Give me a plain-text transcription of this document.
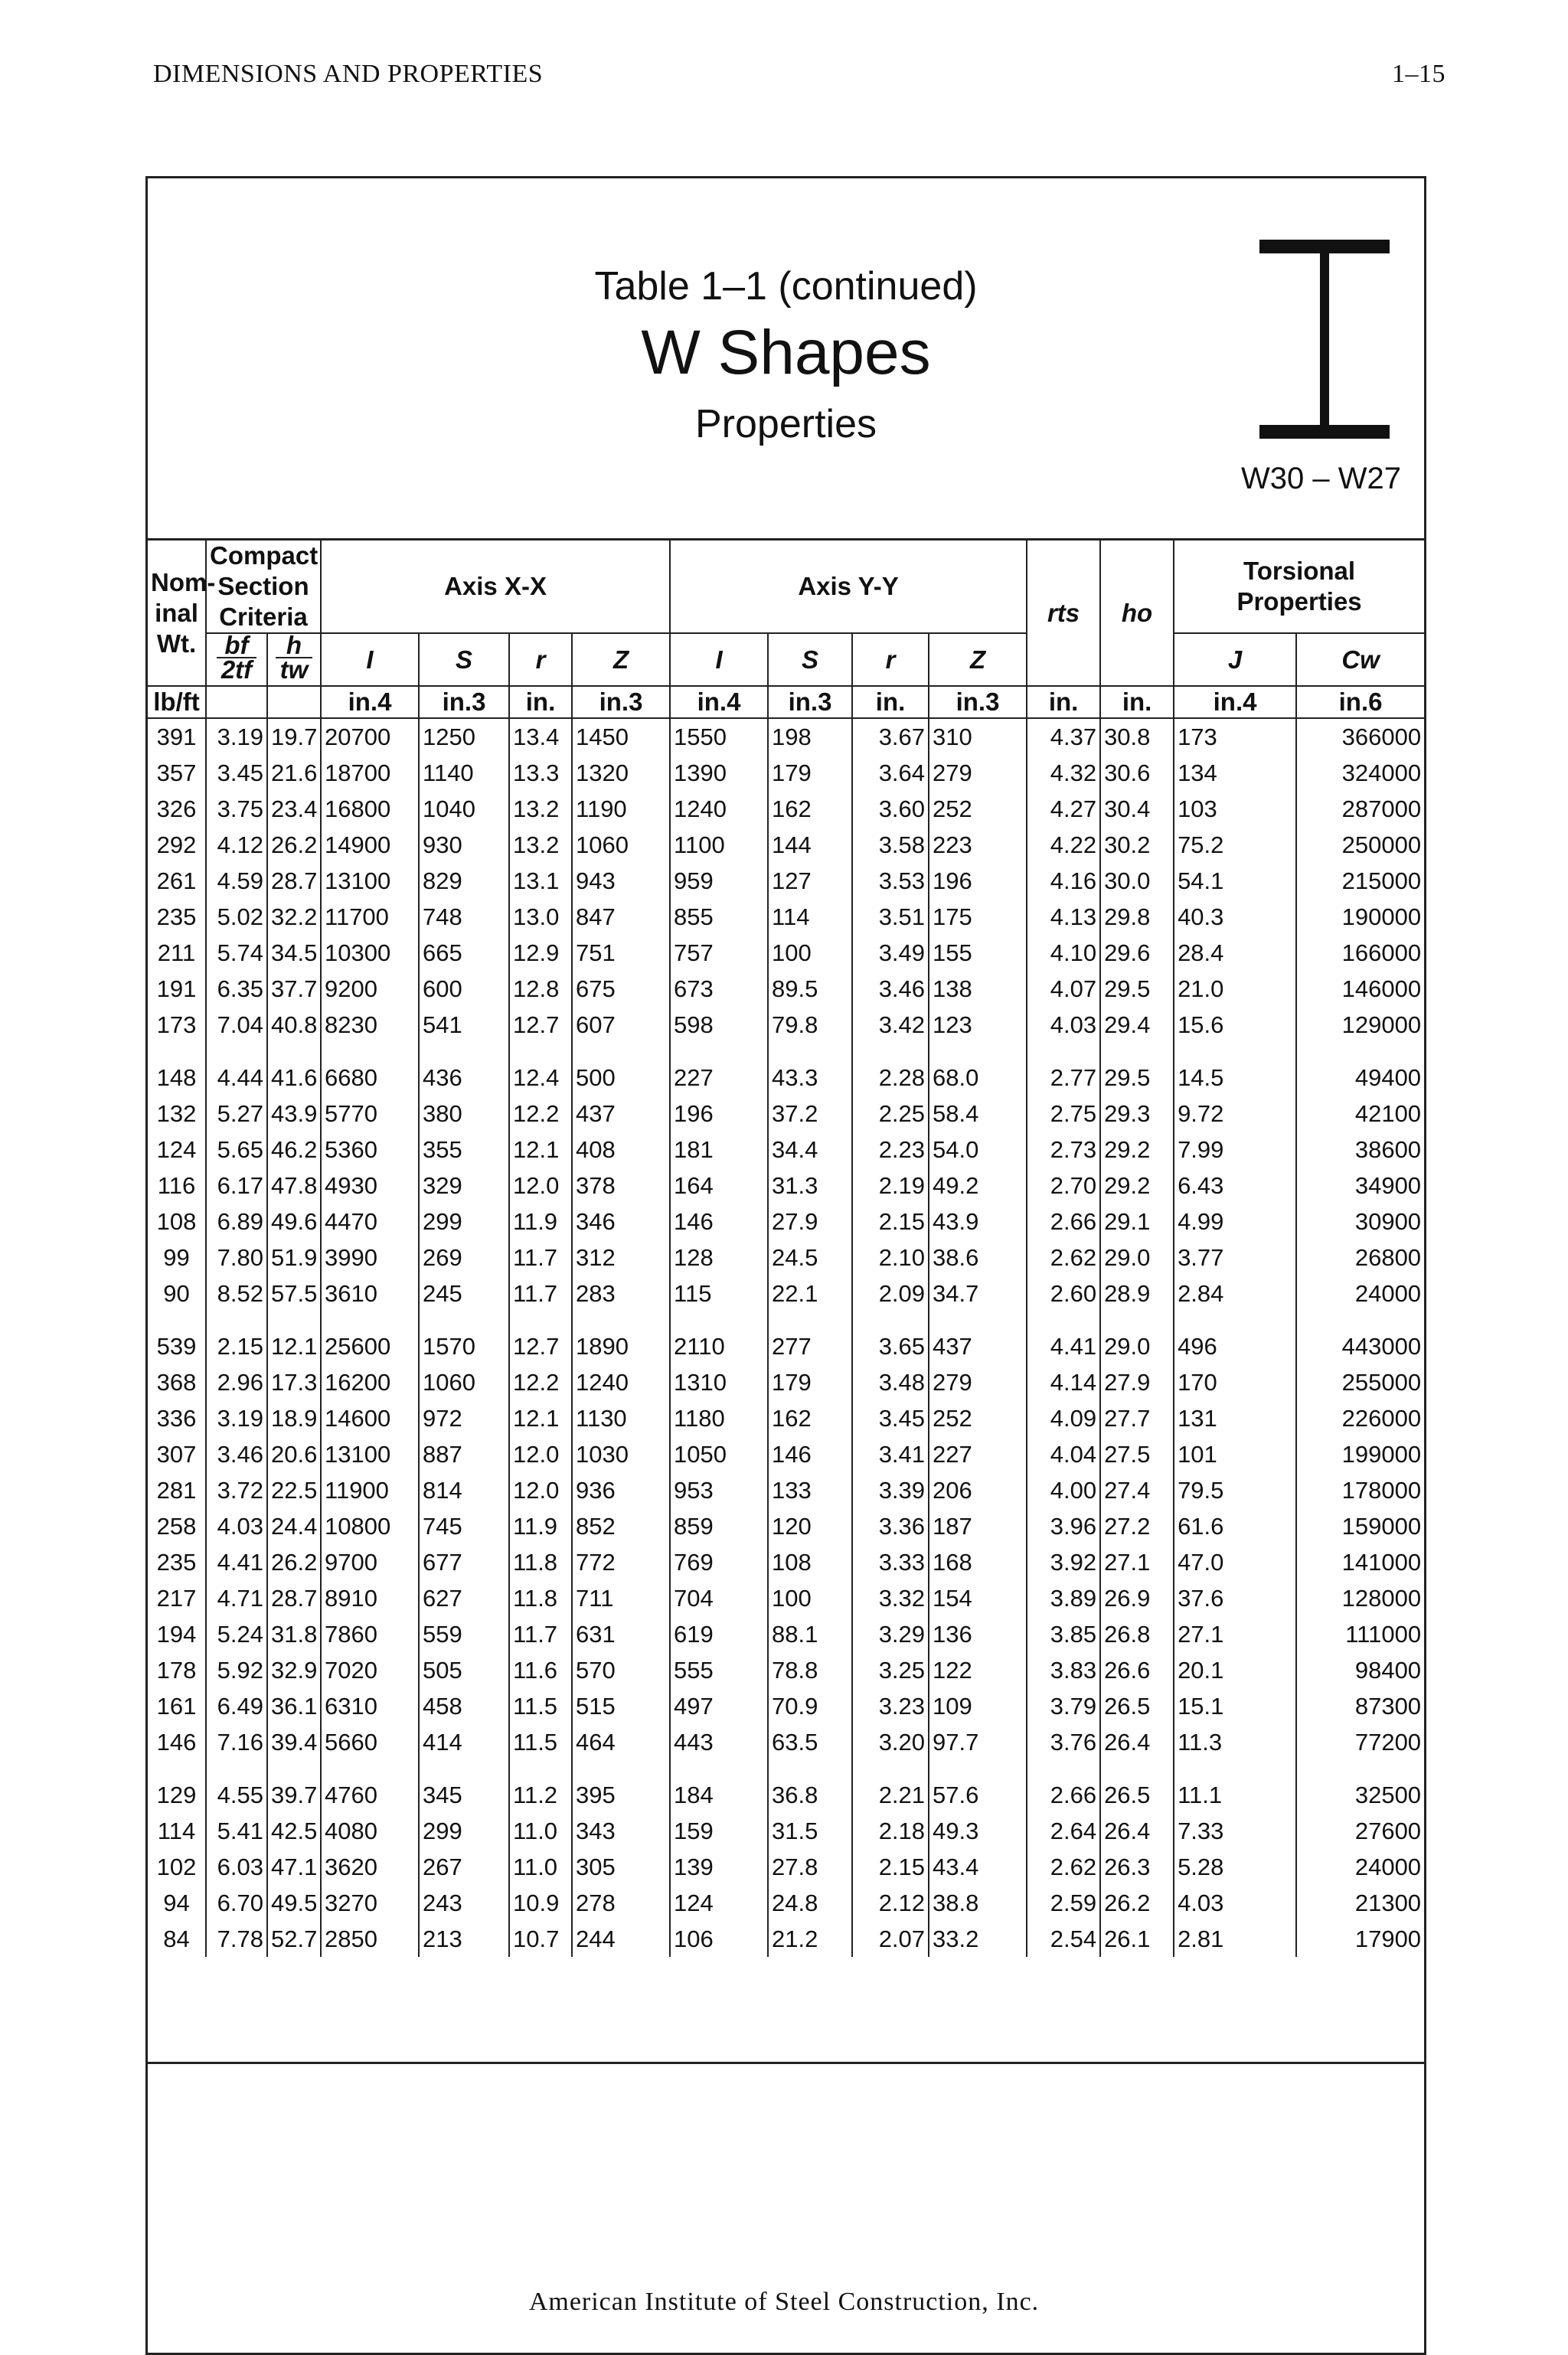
DIMENSIONS AND PROPERTIES	1–15
Table 1–1 (continued)
W Shapes
Properties
W30 – W27
Nom-inal Wt.	Compact Section Criteria		Axis X-X				Axis Y-Y				rts	ho	Torsional Properties	

	$\frac{bf}{2tf}$	$\frac{h}{tw}$	I	S	r	Z	I	S	r	Z			J	Cw
lb/ft			in.4	in.3	in.	in.3	in.4	in.3	in.	in.3	in.	in.	in.4	in.6
391	3.19	19.7	20700	1250	13.4	1450	1550	198	3.67	310	4.37	30.8	173	366000
357	3.45	21.6	18700	1140	13.3	1320	1390	179	3.64	279	4.32	30.6	134	324000
326	3.75	23.4	16800	1040	13.2	1190	1240	162	3.60	252	4.27	30.4	103	287000
292	4.12	26.2	14900	930	13.2	1060	1100	144	3.58	223	4.22	30.2	75.2	250000
261	4.59	28.7	13100	829	13.1	943	959	127	3.53	196	4.16	30.0	54.1	215000
235	5.02	32.2	11700	748	13.0	847	855	114	3.51	175	4.13	29.8	40.3	190000
211	5.74	34.5	10300	665	12.9	751	757	100	3.49	155	4.10	29.6	28.4	166000
191	6.35	37.7	9200	600	12.8	675	673	89.5	3.46	138	4.07	29.5	21.0	146000
173	7.04	40.8	8230	541	12.7	607	598	79.8	3.42	123	4.03	29.4	15.6	129000

148	4.44	41.6	6680	436	12.4	500	227	43.3	2.28	68.0	2.77	29.5	14.5	49400
132	5.27	43.9	5770	380	12.2	437	196	37.2	2.25	58.4	2.75	29.3	9.72	42100
124	5.65	46.2	5360	355	12.1	408	181	34.4	2.23	54.0	2.73	29.2	7.99	38600
116	6.17	47.8	4930	329	12.0	378	164	31.3	2.19	49.2	2.70	29.2	6.43	34900
108	6.89	49.6	4470	299	11.9	346	146	27.9	2.15	43.9	2.66	29.1	4.99	30900
99	7.80	51.9	3990	269	11.7	312	128	24.5	2.10	38.6	2.62	29.0	3.77	26800
90	8.52	57.5	3610	245	11.7	283	115	22.1	2.09	34.7	2.60	28.9	2.84	24000

539	2.15	12.1	25600	1570	12.7	1890	2110	277	3.65	437	4.41	29.0	496	443000
368	2.96	17.3	16200	1060	12.2	1240	1310	179	3.48	279	4.14	27.9	170	255000
336	3.19	18.9	14600	972	12.1	1130	1180	162	3.45	252	4.09	27.7	131	226000
307	3.46	20.6	13100	887	12.0	1030	1050	146	3.41	227	4.04	27.5	101	199000
281	3.72	22.5	11900	814	12.0	936	953	133	3.39	206	4.00	27.4	79.5	178000
258	4.03	24.4	10800	745	11.9	852	859	120	3.36	187	3.96	27.2	61.6	159000
235	4.41	26.2	9700	677	11.8	772	769	108	3.33	168	3.92	27.1	47.0	141000
217	4.71	28.7	8910	627	11.8	711	704	100	3.32	154	3.89	26.9	37.6	128000
194	5.24	31.8	7860	559	11.7	631	619	88.1	3.29	136	3.85	26.8	27.1	111000
178	5.92	32.9	7020	505	11.6	570	555	78.8	3.25	122	3.83	26.6	20.1	98400
161	6.49	36.1	6310	458	11.5	515	497	70.9	3.23	109	3.79	26.5	15.1	87300
146	7.16	39.4	5660	414	11.5	464	443	63.5	3.20	97.7	3.76	26.4	11.3	77200

129	4.55	39.7	4760	345	11.2	395	184	36.8	2.21	57.6	2.66	26.5	11.1	32500
114	5.41	42.5	4080	299	11.0	343	159	31.5	2.18	49.3	2.64	26.4	7.33	27600
102	6.03	47.1	3620	267	11.0	305	139	27.8	2.15	43.4	2.62	26.3	5.28	24000
94	6.70	49.5	3270	243	10.9	278	124	24.8	2.12	38.8	2.59	26.2	4.03	21300
84	7.78	52.7	2850	213	10.7	244	106	21.2	2.07	33.2	2.54	26.1	2.81	17900
American Institute of Steel Construction, Inc.
